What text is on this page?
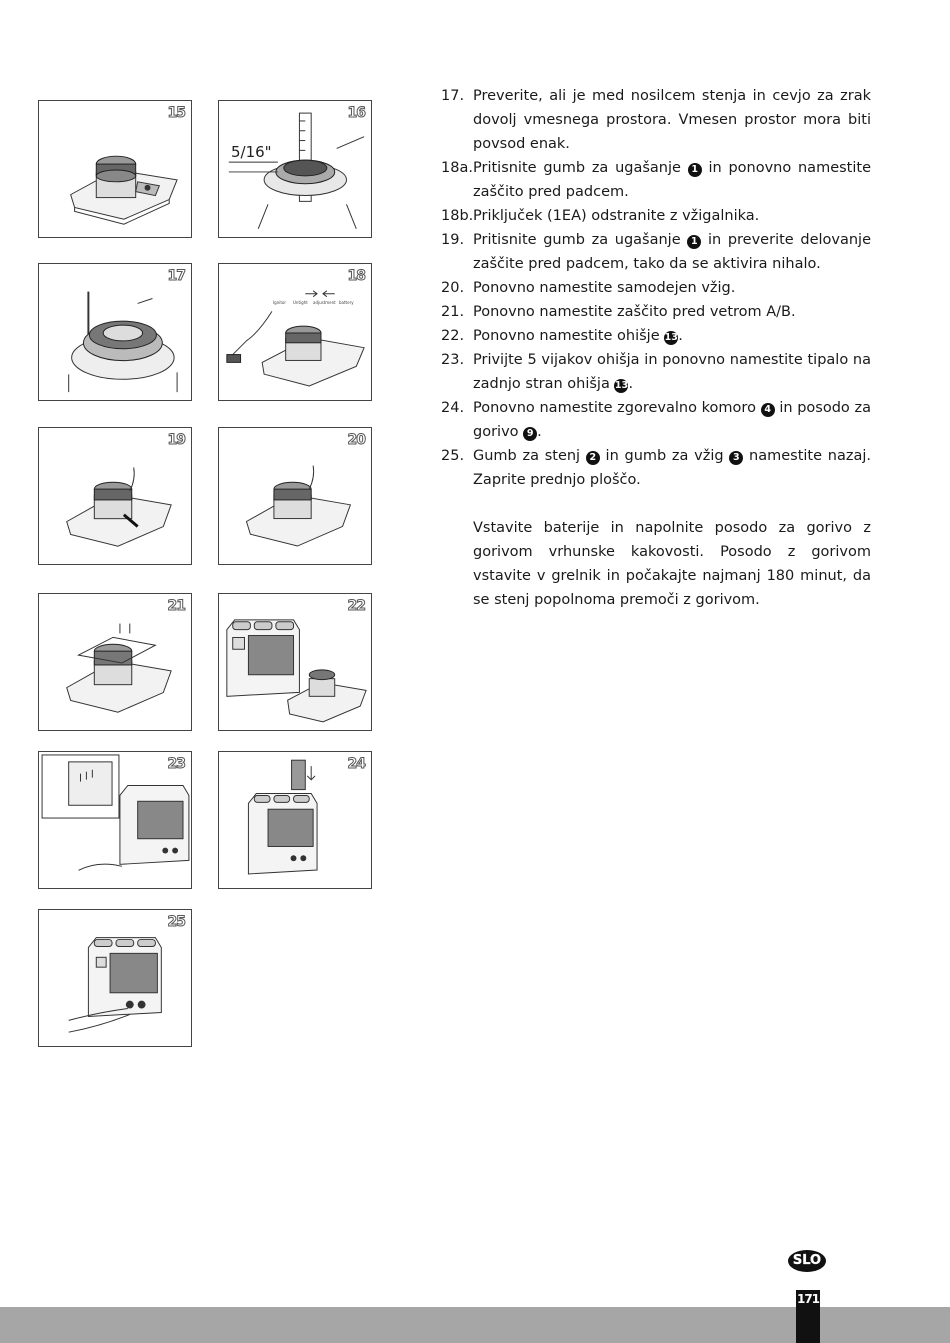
15
5/16"
16
17
Ignitor Untight adjustment battery
18
19	20
21	22
23	24
25
17. Preverite, ali je med nosilcem stenja in cevjo za zrak dovolj vmesnega prostora. Vmesen prostor mora biti povsod enak.
18a. Pritisnite gumb za ugašanje 1 in ponovno namestite zaščito pred padcem.
18b. Priključek (1EA) odstranite z vžigalnika.
19. Pritisnite gumb za ugašanje 1 in preverite delovanje zaščite pred padcem, tako da se aktivira nihalo.
20. Ponovno namestite samodejen vžig.
21. Ponovno namestite zaščito pred vetrom A/B.
22. Ponovno namestite ohišje 13.
23. Privijte 5 vijakov ohišja in ponovno namestite tipalo na zadnjo stran ohišja 13.
24. Ponovno namestite zgorevalno komoro 4 in posodo za gorivo 9 .
25. Gumb za stenj 2 in gumb za vžig 3 namestite nazaj. Zaprite prednjo ploščo.
Vstavite baterije in napolnite posodo za gorivo z gorivom vrhunske kakovosti. Posodo z gorivom vstavite v grelnik in počakajte najmanj 180 minut, da se stenj popolnoma premoči z gorivom.
SLO
171
